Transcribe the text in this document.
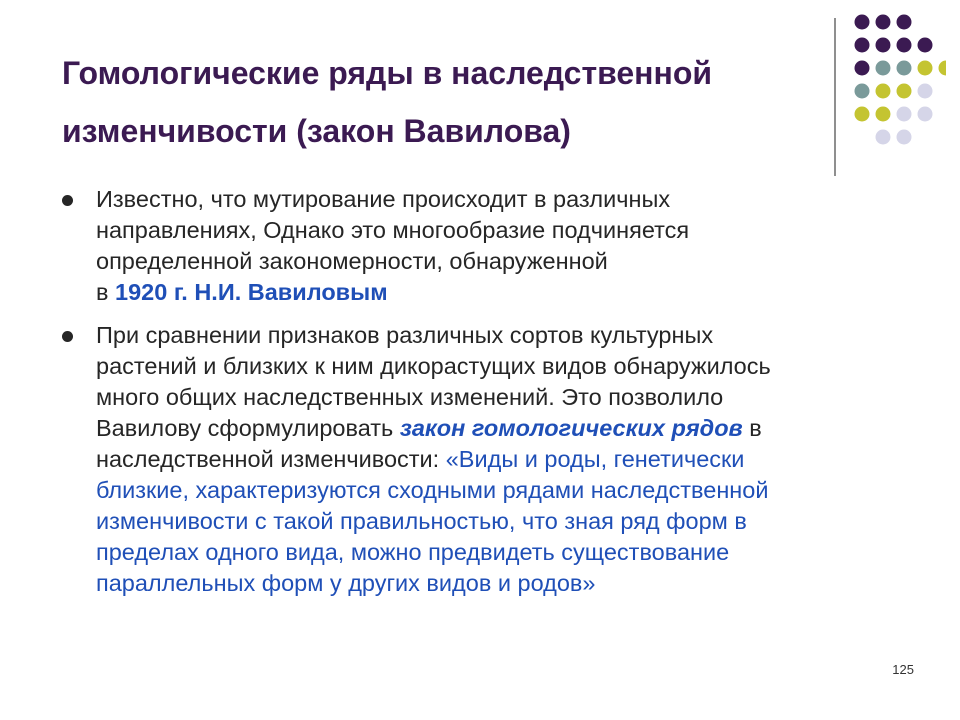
Гомологические ряды в наследственной
изменчивости (закон Вавилова)
Известно, что мутирование происходит в различных
направлениях, Однако это многообразие подчиняется
определенной закономерности, обнаруженной
в 1920 г. Н.И. Вавиловым
При сравнении признаков различных сортов культурных
растений и близких к ним дикорастущих видов обнаружилось
много общих наследственных изменений. Это позволило
Вавилову сформулировать закон гомологических рядов в
наследственной изменчивости: «Виды и роды, генетически
близкие, характеризуются сходными рядами наследственной
изменчивости с такой правильностью, что зная ряд форм в
пределах одного вида, можно предвидеть существование
параллельных форм у других видов и родов»
125
